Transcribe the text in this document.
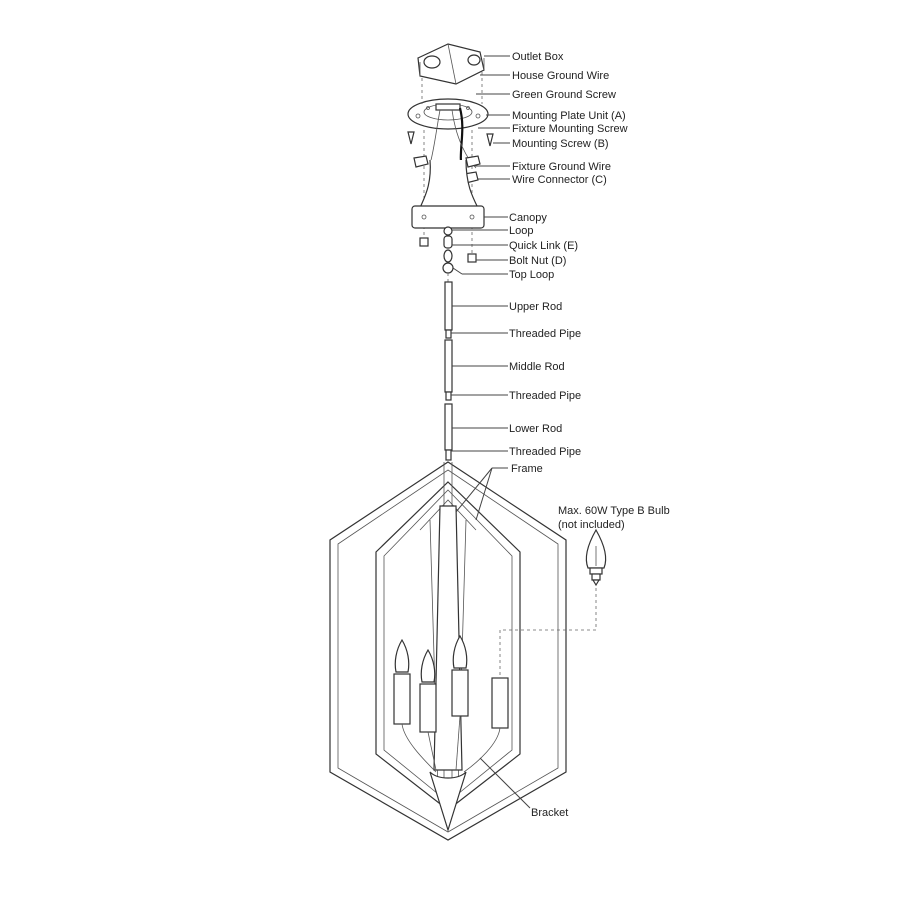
Outlet Box
House Ground Wire
Green Ground Screw
Mounting Plate Unit (A)
Fixture Mounting Screw
Mounting Screw (B)
Fixture Ground Wire
Wire Connector (C)
Canopy
Loop
Quick Link (E)
Bolt Nut (D)
Top Loop
Upper Rod
Threaded Pipe
Middle Rod
Threaded Pipe
Lower Rod
Threaded Pipe
Frame
Max. 60W Type B Bulb
(not included)
Bracket
